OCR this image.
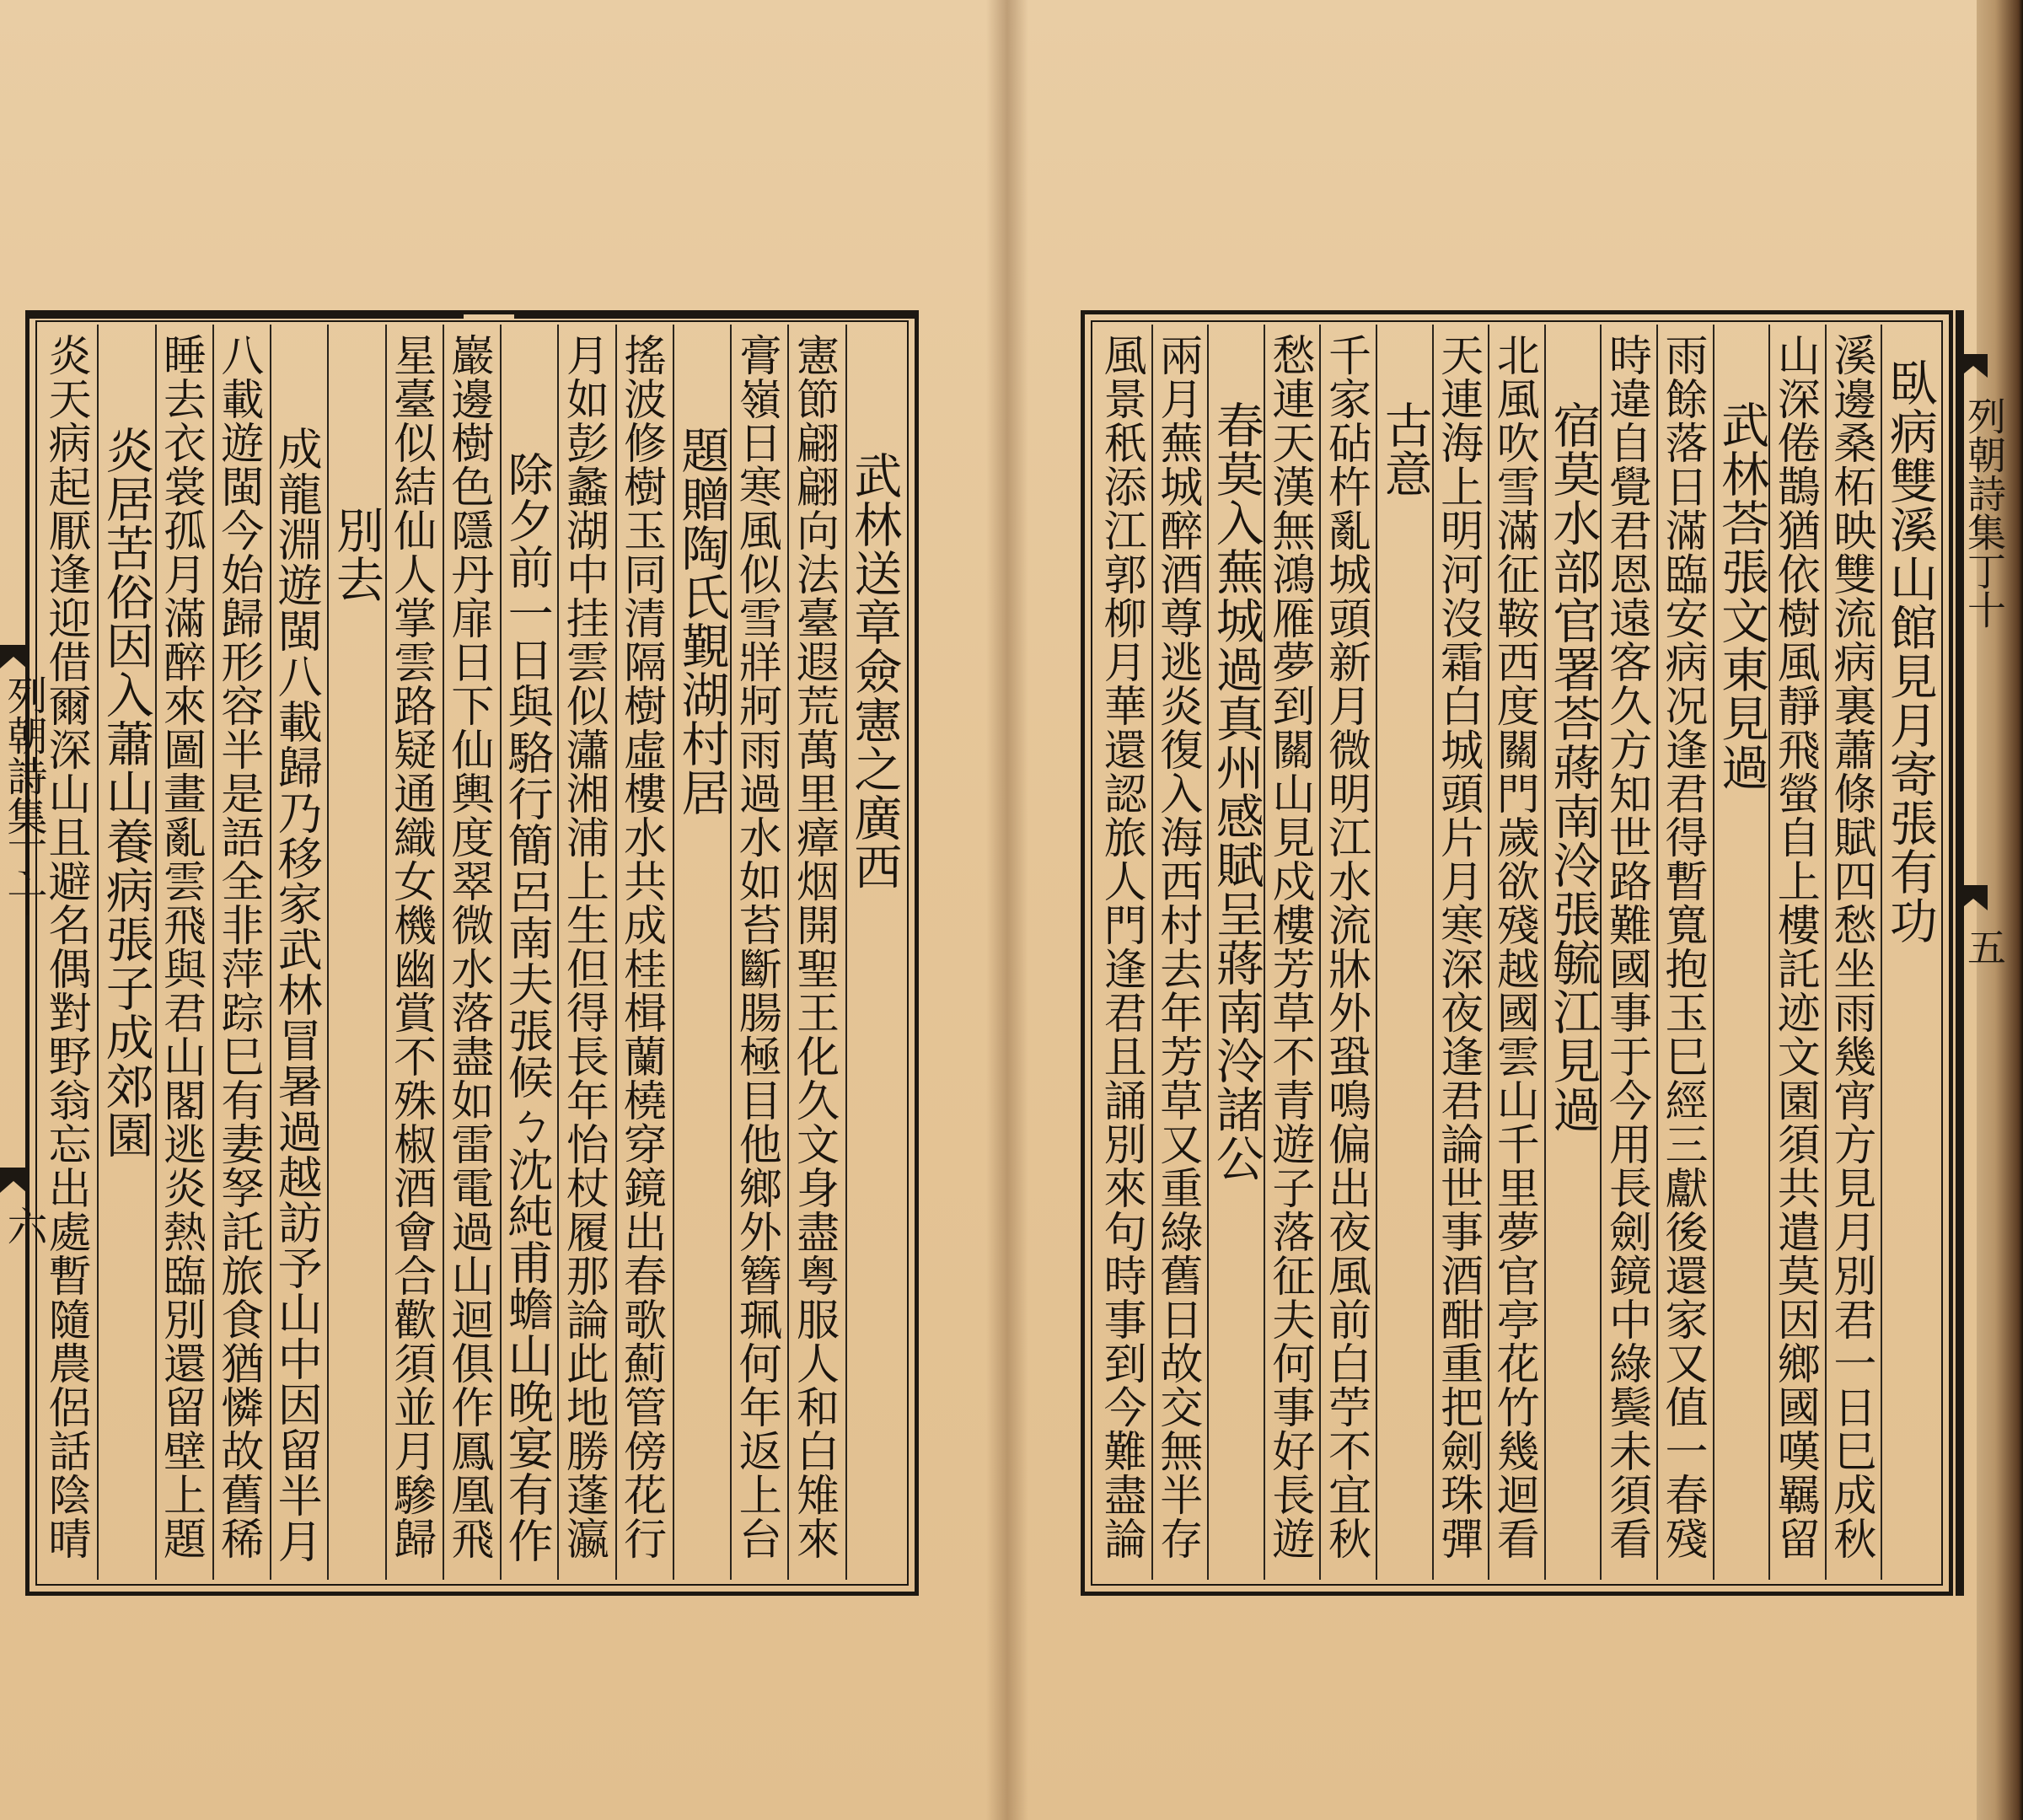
武林送章僉憲之廣西
憲節翩翩向法臺遐荒萬里瘴烟開聖王化久文身盡粤服人和白雉來
膏嶺日寒風似雪牂牁雨過水如苔斷腸極目他鄉外簪珮何年返上台
題贈陶氏覲湖村居
搖波修樹玉同清隔樹虛樓水共成桂楫蘭橈穿鏡出春歌薊管傍花行
月如彭蠡湖中挂雲似瀟湘浦上生但得長年怡杖履那論此地勝蓬瀛
除夕前一日與駱行簡呂南夫張候ㄅ沈純甫蟾山晚宴有作
巖邊樹色隱丹扉日下仙輿度翠微水落盡如雷電過山迴俱作鳳凰飛
星臺似結仙人掌雲路疑通織女機幽賞不殊椒酒會合歡須並月驂歸
別去
成龍淵遊閩八載歸乃移家武林冒暑過越訪予山中因留半月
八載遊閩今始歸形容半是語全非萍踪巳有妻孥託旅食猶憐故舊稀
睡去衣裳孤月滿醉來圖畫亂雲飛與君山閣逃炎熱臨別還留壁上題
炎居苦俗因入蕭山養病張子成郊園
炎天病起厭逢迎借爾深山且避名偶對野翁忘出處暫隨農侶話陰晴
列朝詩集丁十
六
臥病雙溪山館見月寄張有功
溪邊桑柘映雙流病裏蕭條賦四愁坐雨幾宵方見月別君一日巳成秋
山深倦鵲猶依樹風靜飛螢自上樓託迹文園須共遣莫因鄉國嘆羈留
武林荅張文東見過
雨餘落日滿臨安病况逢君得暫寬抱玉巳經三獻後還家又值一春殘
時違自覺君恩遠客久方知世路難國事于今用長劍鏡中綠鬓未須看
宿莫水部官署荅蔣南泠張毓江見過
北風吹雪滿征鞍西度關門歲欲殘越國雲山千里夢官亭花竹幾迴看
天連海上明河沒霜白城頭片月寒深夜逢君論世事酒酣重把劍珠彈
古意
千家砧杵亂城頭新月微明江水流牀外蛩鳴偏出夜風前白苧不宜秋
愁連天漢無鴻雁夢到關山見戍樓芳草不青遊子落征夫何事好長遊
春莫入蕪城過真州感賦呈蔣南泠諸公
兩月蕪城醉酒尊逃炎復入海西村去年芳草又重綠舊日故交無半存
風景秖添江郭柳月華還認旅人門逢君且誦別來句時事到今難盡論	列朝詩集丁十
五
